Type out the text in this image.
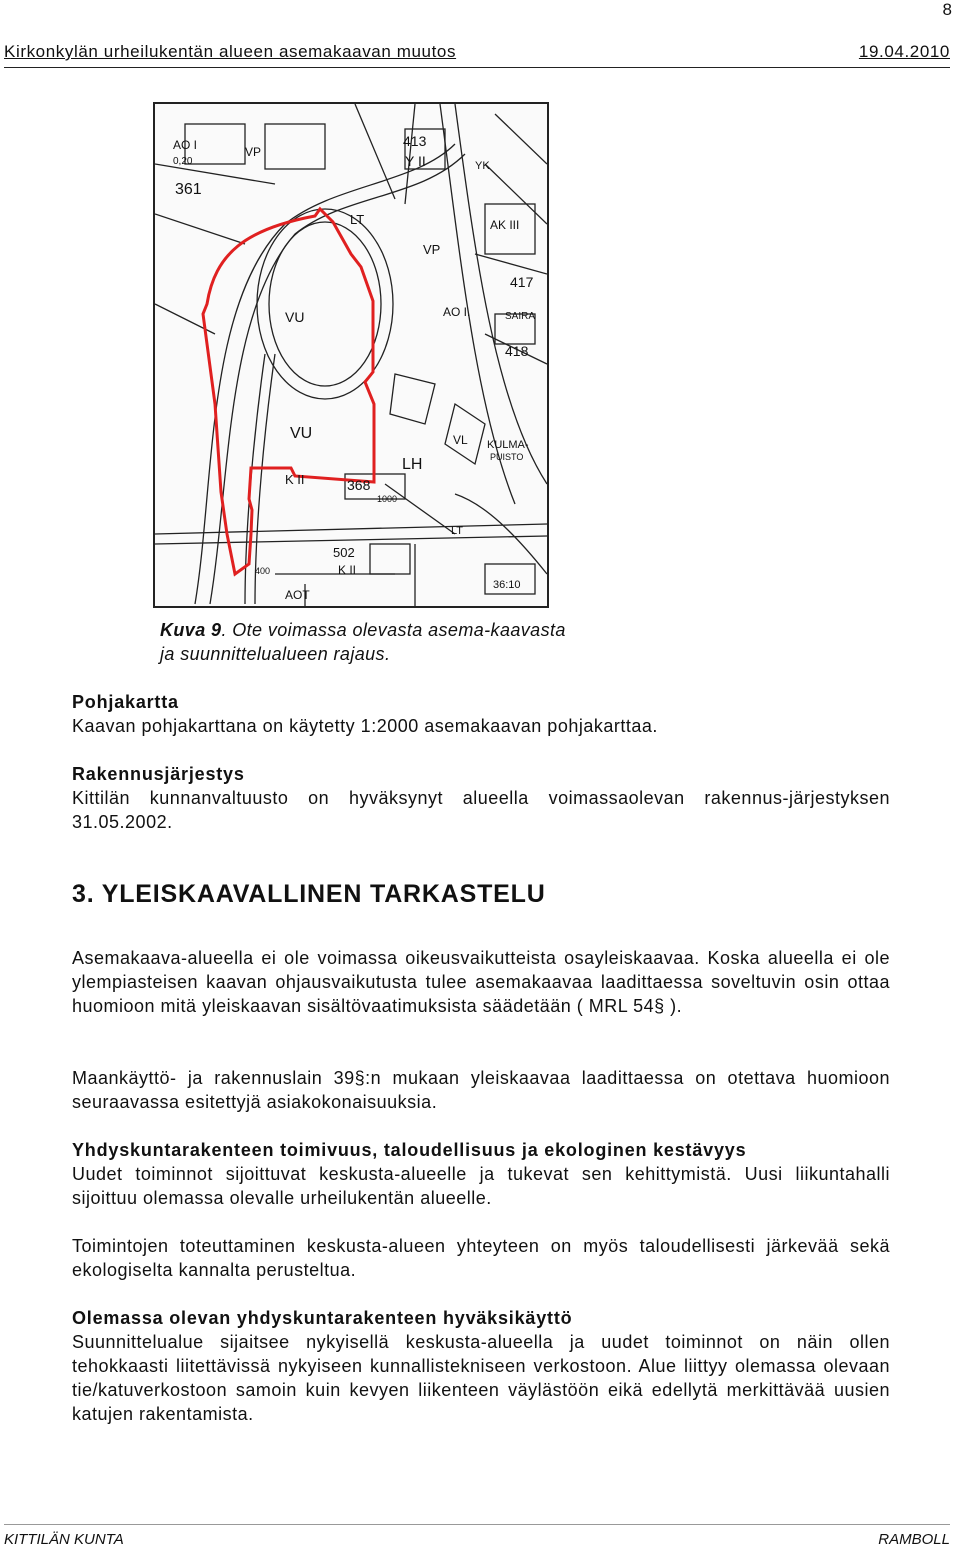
8
Kirkonkylän urheilukentän alueen asemakaavan muutos	19.04.2010
AO I	VP
0,20
361
413
Y II
LT	AK III
YK
VP
417
AO I.
418
VU
VU
LH
368
K II
502
K II
VL KULMA-
PUISTO
AOT
LT
SAIRA
36:10
400
1000
Kuva 9. Ote voimassa olevasta asema-kaavasta ja suunnittelualueen rajaus.
Pohjakartta
Kaavan pohjakarttana on käytetty 1:2000 asemakaavan pohjakarttaa.
Rakennusjärjestys
Kittilän kunnanvaltuusto on hyväksynyt alueella voimassaolevan rakennus-järjestyksen 31.05.2002.
3. YLEISKAAVALLINEN TARKASTELU
Asemakaava-alueella ei ole voimassa oikeusvaikutteista osayleiskaavaa. Koska alueella ei ole ylempiasteisen kaavan ohjausvaikutusta tulee asemakaavaa laadittaessa soveltuvin osin ottaa huomioon mitä yleiskaavan sisältövaatimuksista säädetään ( MRL 54§ ).
Maankäyttö- ja rakennuslain 39§:n mukaan yleiskaavaa laadittaessa on otettava huomioon seuraavassa esitettyjä asiakokonaisuuksia.
Yhdyskuntarakenteen toimivuus, taloudellisuus ja ekologinen kestävyys
Uudet toiminnot sijoittuvat keskusta-alueelle ja tukevat sen kehittymistä. Uusi liikuntahalli sijoittuu olemassa olevalle urheilukentän alueelle.
Toimintojen toteuttaminen keskusta-alueen yhteyteen on myös taloudellisesti järkevää sekä ekologiselta kannalta perusteltua.
Olemassa olevan yhdyskuntarakenteen hyväksikäyttö
Suunnittelualue sijaitsee nykyisellä keskusta-alueella ja uudet toiminnot on näin ollen tehokkaasti liitettävissä nykyiseen kunnallistekniseen verkostoon. Alue liittyy olemassa olevaan tie/katuverkostoon samoin kuin kevyen liikenteen väylästöön eikä edellytä merkittävää uusien katujen rakentamista.
KITTILÄN KUNTA	RAMBOLL
